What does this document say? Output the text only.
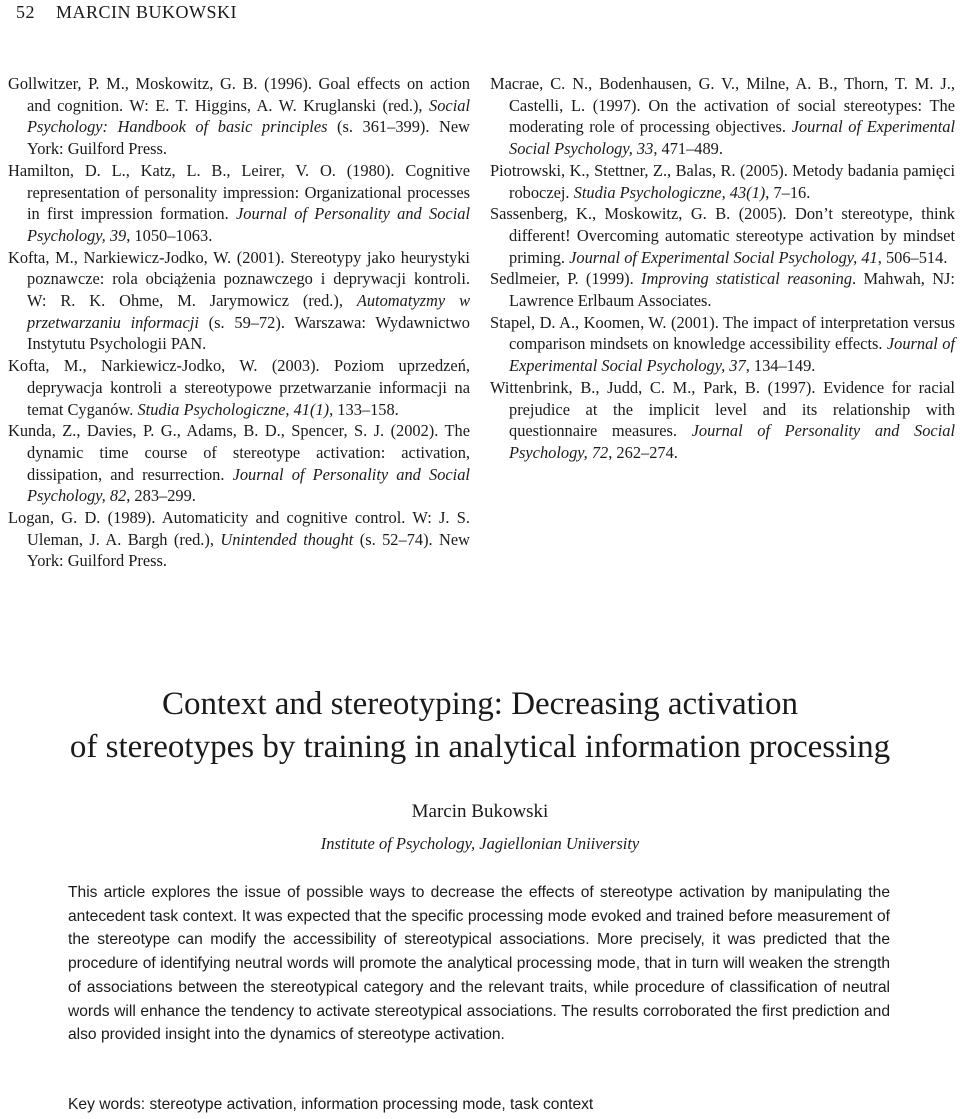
52 MARCIN BUKOWSKI

Gollwitzer, P. M., Moskowitz, G. B. (1996). Goal effects on action and cognition. W: E. T. Higgins, A. W. Kruglanski (red.), Social Psychology: Handbook of basic principles (s. 361–399). New York: Guilford Press.

Hamilton, D. L., Katz, L. B., Leirer, V. O. (1980). Cognitive representation of personality impression: Organizational processes in first impression formation. Journal of Personality and Social Psychology, 39, 1050–1063.

Kofta, M., Narkiewicz-Jodko, W. (2001). Stereotypy jako heurystyki poznawcze: rola obciążenia poznawczego i deprywacji kontroli. W: R. K. Ohme, M. Jarymowicz (red.), Automatyzmy w przetwarzaniu informacji (s. 59–72). Warszawa: Wydawnictwo Instytutu Psychologii PAN.

Kofta, M., Narkiewicz-Jodko, W. (2003). Poziom uprzedzeń, deprywacja kontroli a stereotypowe przetwarzanie informacji na temat Cyganów. Studia Psychologiczne, 41(1), 133–158.

Kunda, Z., Davies, P. G., Adams, B. D., Spencer, S. J. (2002). The dynamic time course of stereotype activation: activation, dissipation, and resurrection. Journal of Personality and Social Psychology, 82, 283–299.

Logan, G. D. (1989). Automaticity and cognitive control. W: J. S. Uleman, J. A. Bargh (red.), Unintended thought (s. 52–74). New York: Guilford Press.

Macrae, C. N., Bodenhausen, G. V., Milne, A. B., Thorn, T. M. J., Castelli, L. (1997). On the activation of social stereotypes: The moderating role of processing objectives. Journal of Experimental Social Psychology, 33, 471–489.

Piotrowski, K., Stettner, Z., Balas, R. (2005). Metody badania pamięci roboczej. Studia Psychologiczne, 43(1), 7–16.

Sassenberg, K., Moskowitz, G. B. (2005). Don’t stereotype, think different! Overcoming automatic stereotype activation by mindset priming. Journal of Experimental Social Psychology, 41, 506–514.

Sedlmeier, P. (1999). Improving statistical reasoning. Mahwah, NJ: Lawrence Erlbaum Associates.

Stapel, D. A., Koomen, W. (2001). The impact of interpretation versus comparison mindsets on knowledge accessibility effects. Journal of Experimental Social Psychology, 37, 134–149.

Wittenbrink, B., Judd, C. M., Park, B. (1997). Evidence for racial prejudice at the implicit level and its relationship with questionnaire measures. Journal of Personality and Social Psychology, 72, 262–274.

Context and stereotyping: Decreasing activation
of stereotypes by training in analytical information processing
Marcin Bukowski
Institute of Psychology, Jagiellonian Uniiversity

This article explores the issue of possible ways to decrease the effects of stereotype activation by manipulating the antecedent task context. It was expected that the specific processing mode evoked and trained before measurement of the stereotype can modify the accessibility of stereotypical associations. More precisely, it was predicted that the procedure of identifying neutral words will promote the analytical processing mode, that in turn will weaken the strength of associations between the stereotypical category and the relevant traits, while procedure of classification of neutral words will enhance the tendency to activate stereotypical associations. The results corroborated the first prediction and also provided insight into the dynamics of stereotype activation.

Key words: stereotype activation, information processing mode, task context
